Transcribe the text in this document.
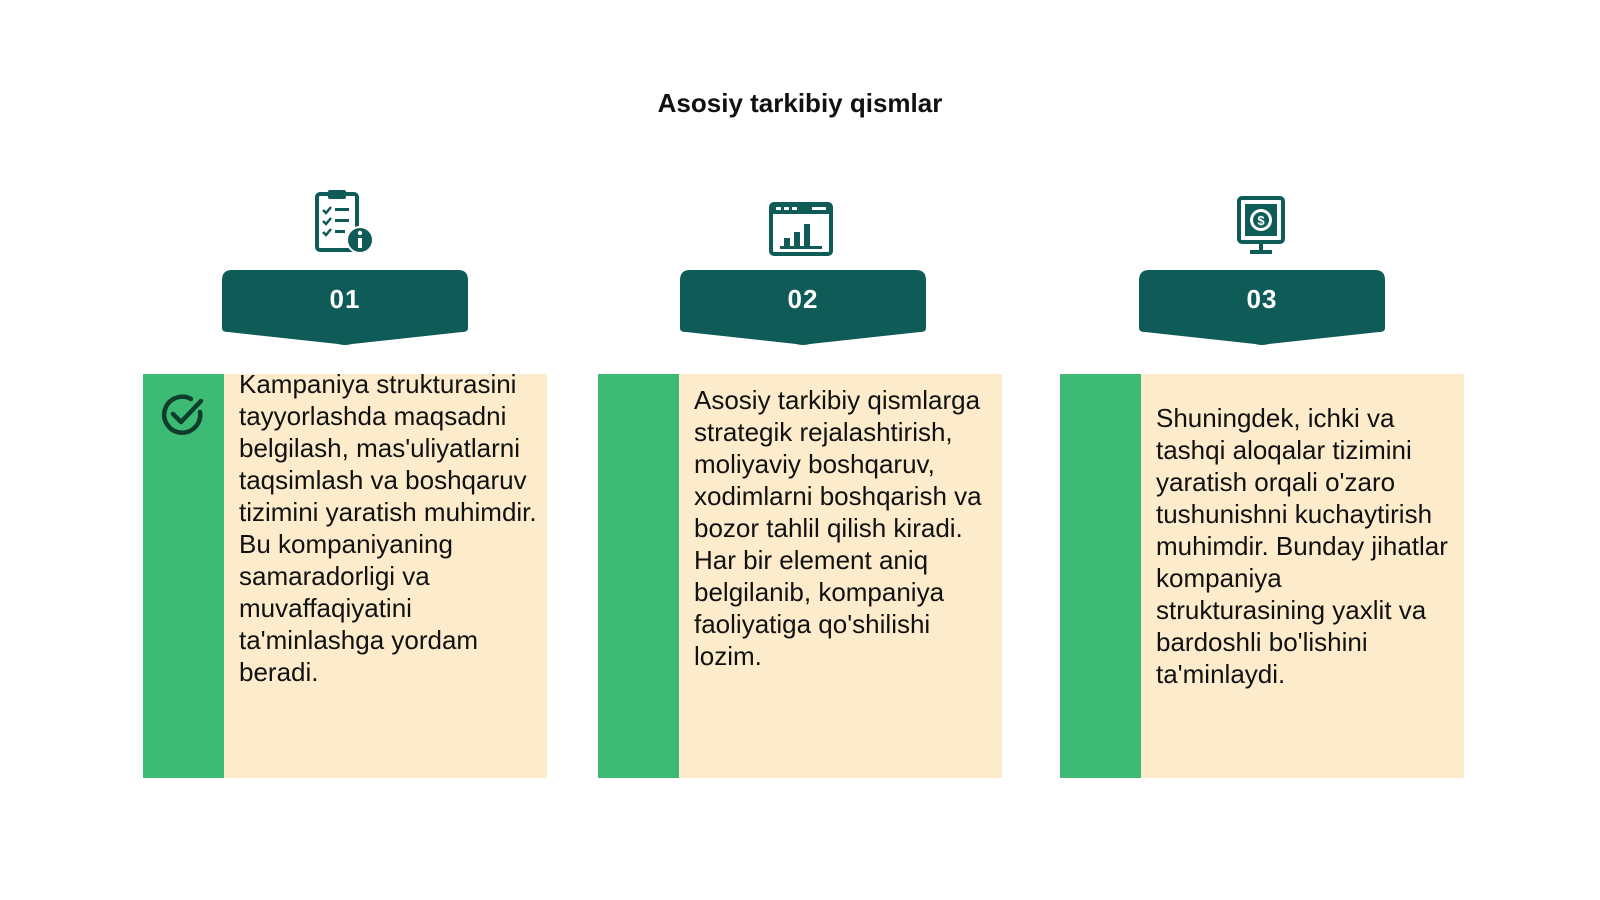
Asosiy tarkibiy qismlar
01
Kampaniya strukturasini tayyorlashda maqsadni belgilash, mas'uliyatlarni taqsimlash va boshqaruv tizimini yaratish muhimdir. Bu kompaniyaning samaradorligi va muvaffaqiyatini ta'minlashga yordam beradi.
02
Asosiy tarkibiy qismlarga strategik rejalashtirish, moliyaviy boshqaruv, xodimlarni boshqarish va bozor tahlil qilish kiradi. Har bir element aniq belgilanib, kompaniya faoliyatiga qo'shilishi lozim.
$
03
Shuningdek, ichki va tashqi aloqalar tizimini yaratish orqali o'zaro tushunishni kuchaytirish muhimdir. Bunday jihatlar kompaniya strukturasining yaxlit va bardoshli bo'lishini ta'minlaydi.
